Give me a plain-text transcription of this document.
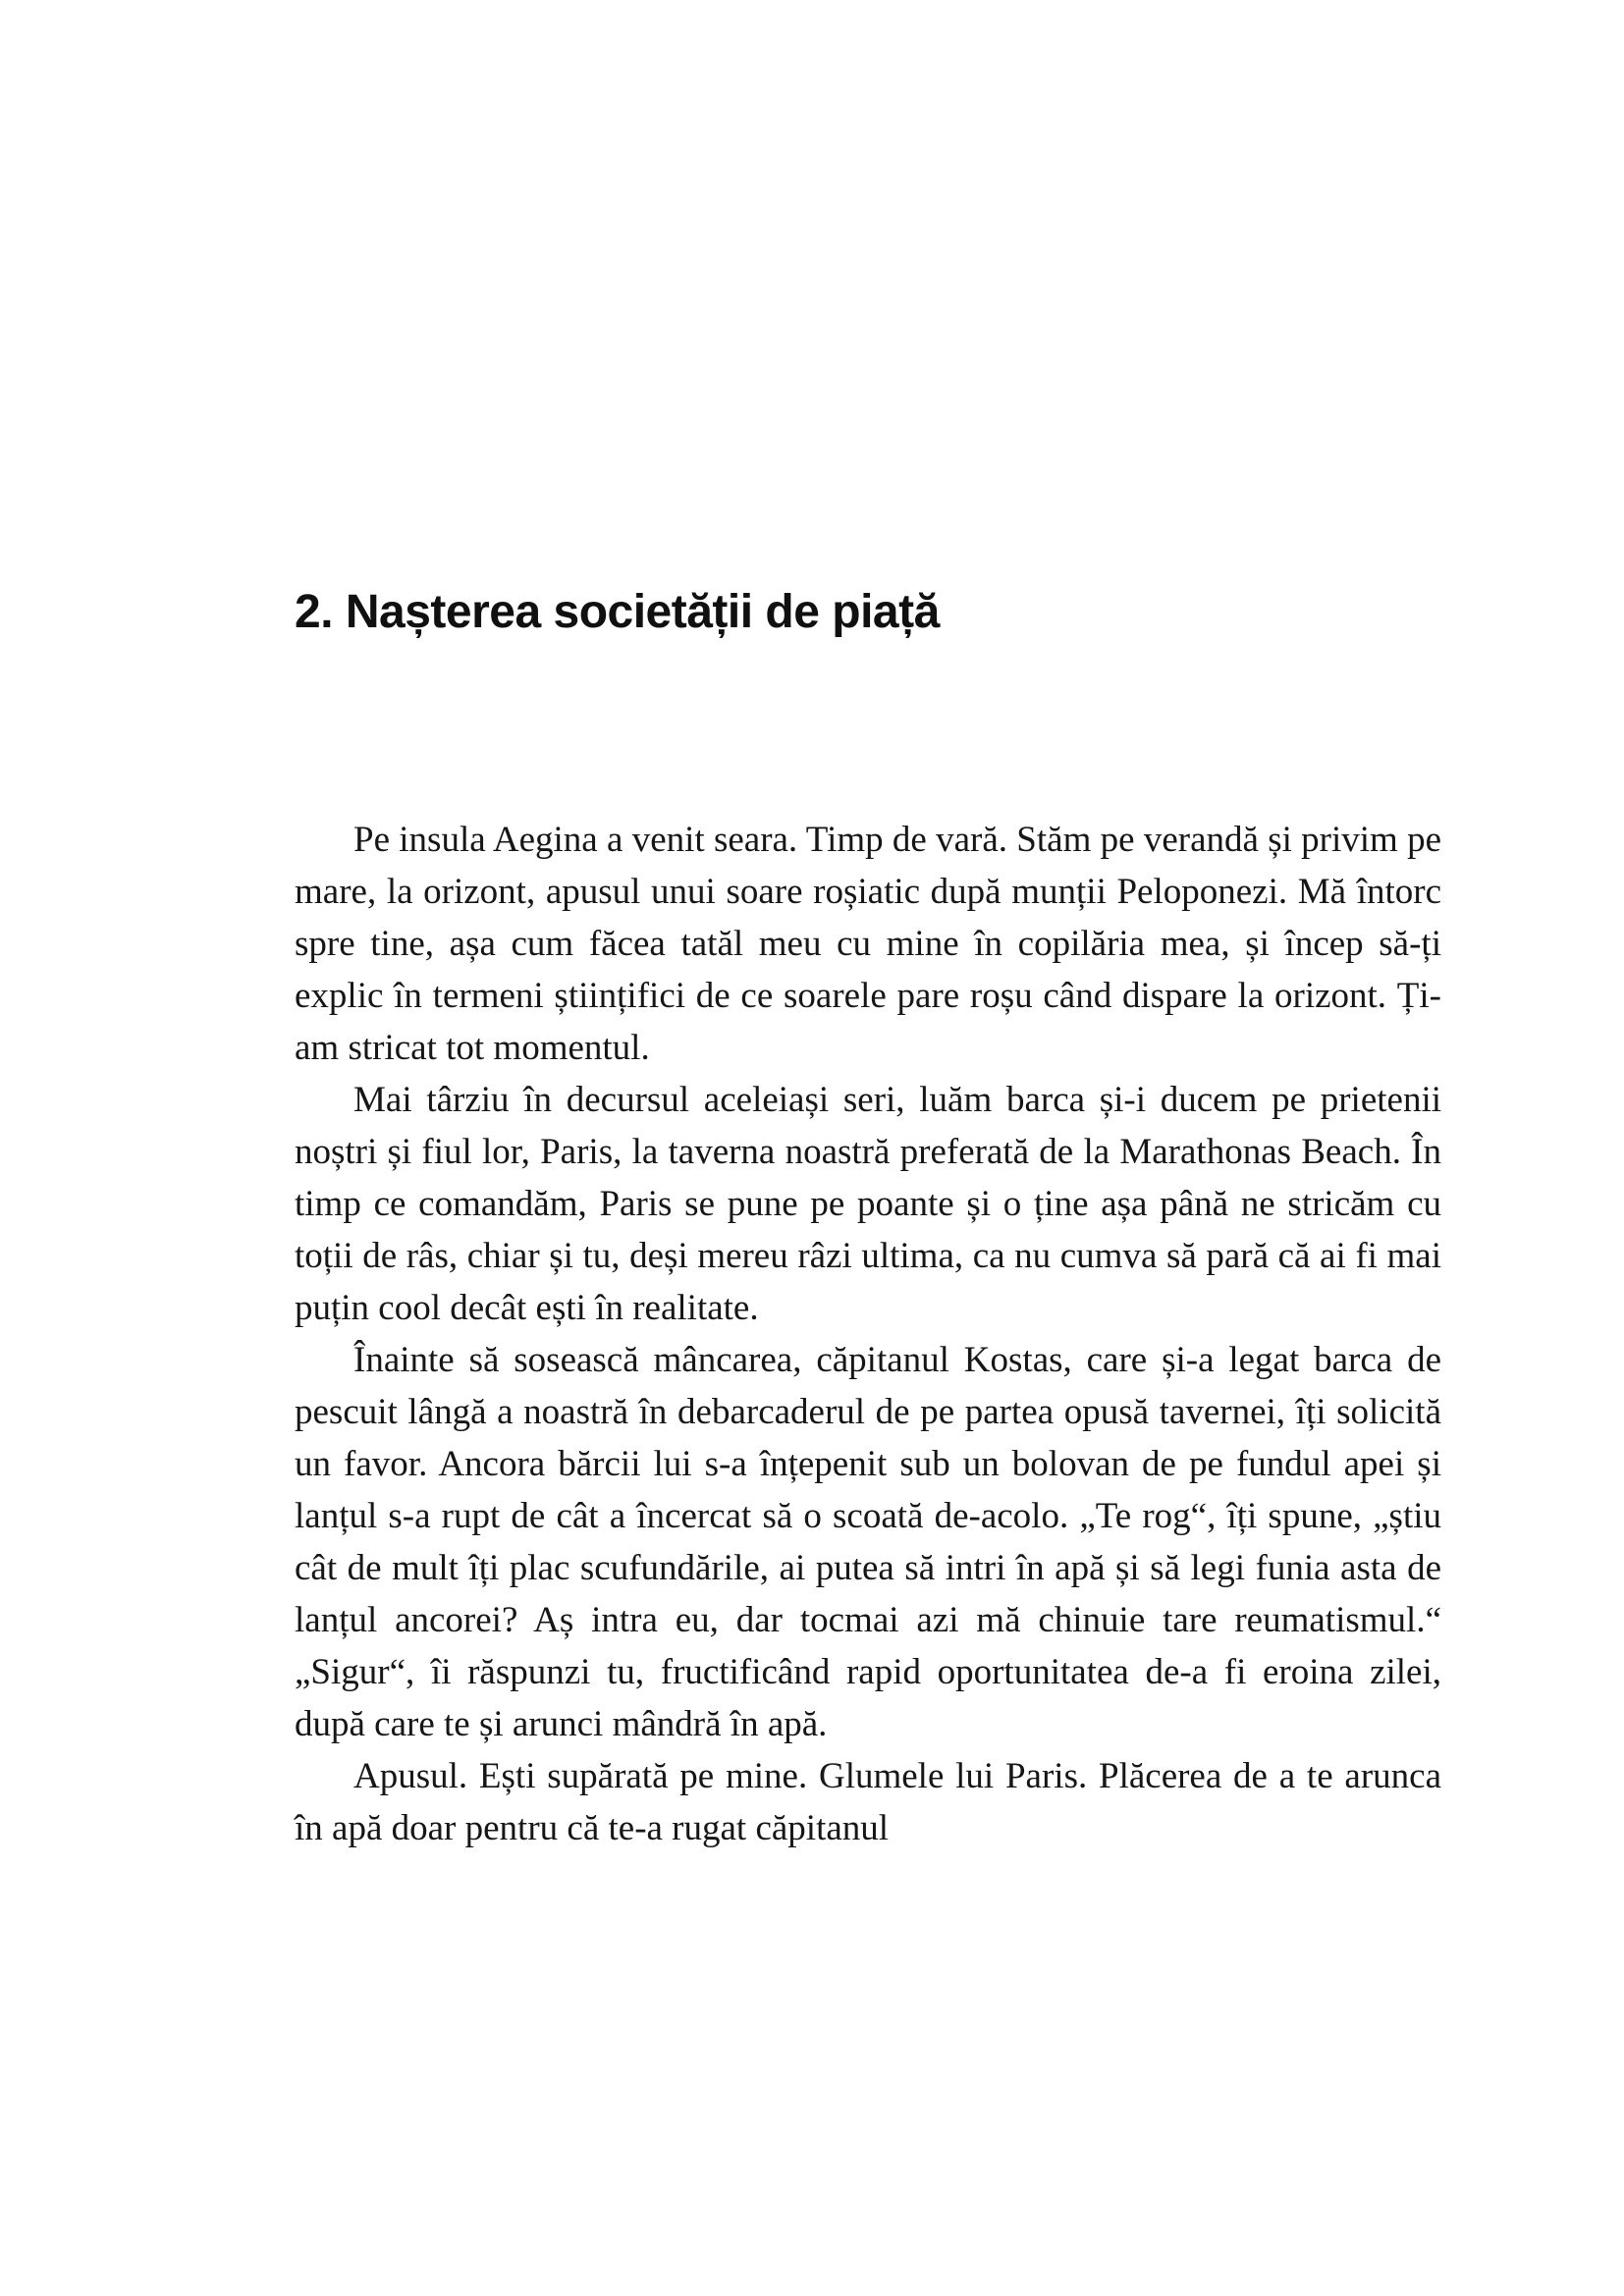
2. Nașterea societății de piață

Pe insula Aegina a venit seara. Timp de vară. Stăm pe verandă și privim pe mare, la orizont, apusul unui soare roșiatic după munții Peloponezi. Mă întorc spre tine, așa cum făcea tatăl meu cu mine în copilăria mea, și încep să-ți explic în termeni științifici de ce soarele pare roșu când dispare la orizont. Ți-am stricat tot momentul.

Mai târziu în decursul aceleiași seri, luăm barca și-i ducem pe prietenii noștri și fiul lor, Paris, la taverna noastră preferată de la Marathonas Beach. În timp ce comandăm, Paris se pune pe poante și o ține așa până ne stricăm cu toții de râs, chiar și tu, deși mereu râzi ultima, ca nu cumva să pară că ai fi mai puțin cool decât ești în realitate.

Înainte să sosească mâncarea, căpitanul Kostas, care și-a legat barca de pescuit lângă a noastră în debarcaderul de pe partea opusă tavernei, îți solicită un favor. Ancora bărcii lui s-a înțepenit sub un bolovan de pe fundul apei și lanțul s-a rupt de cât a încercat să o scoată de-acolo. „Te rog“, îți spune, „știu cât de mult îți plac scufundările, ai putea să intri în apă și să legi funia asta de lanțul ancorei? Aș intra eu, dar tocmai azi mă chinuie tare reumatismul.“ „Sigur“, îi răspunzi tu, fructificând rapid oportunitatea de-a fi eroina zilei, după care te și arunci mândră în apă.

Apusul. Ești supărată pe mine. Glumele lui Paris. Plăcerea de a te arunca în apă doar pentru că te-a rugat căpitanul
